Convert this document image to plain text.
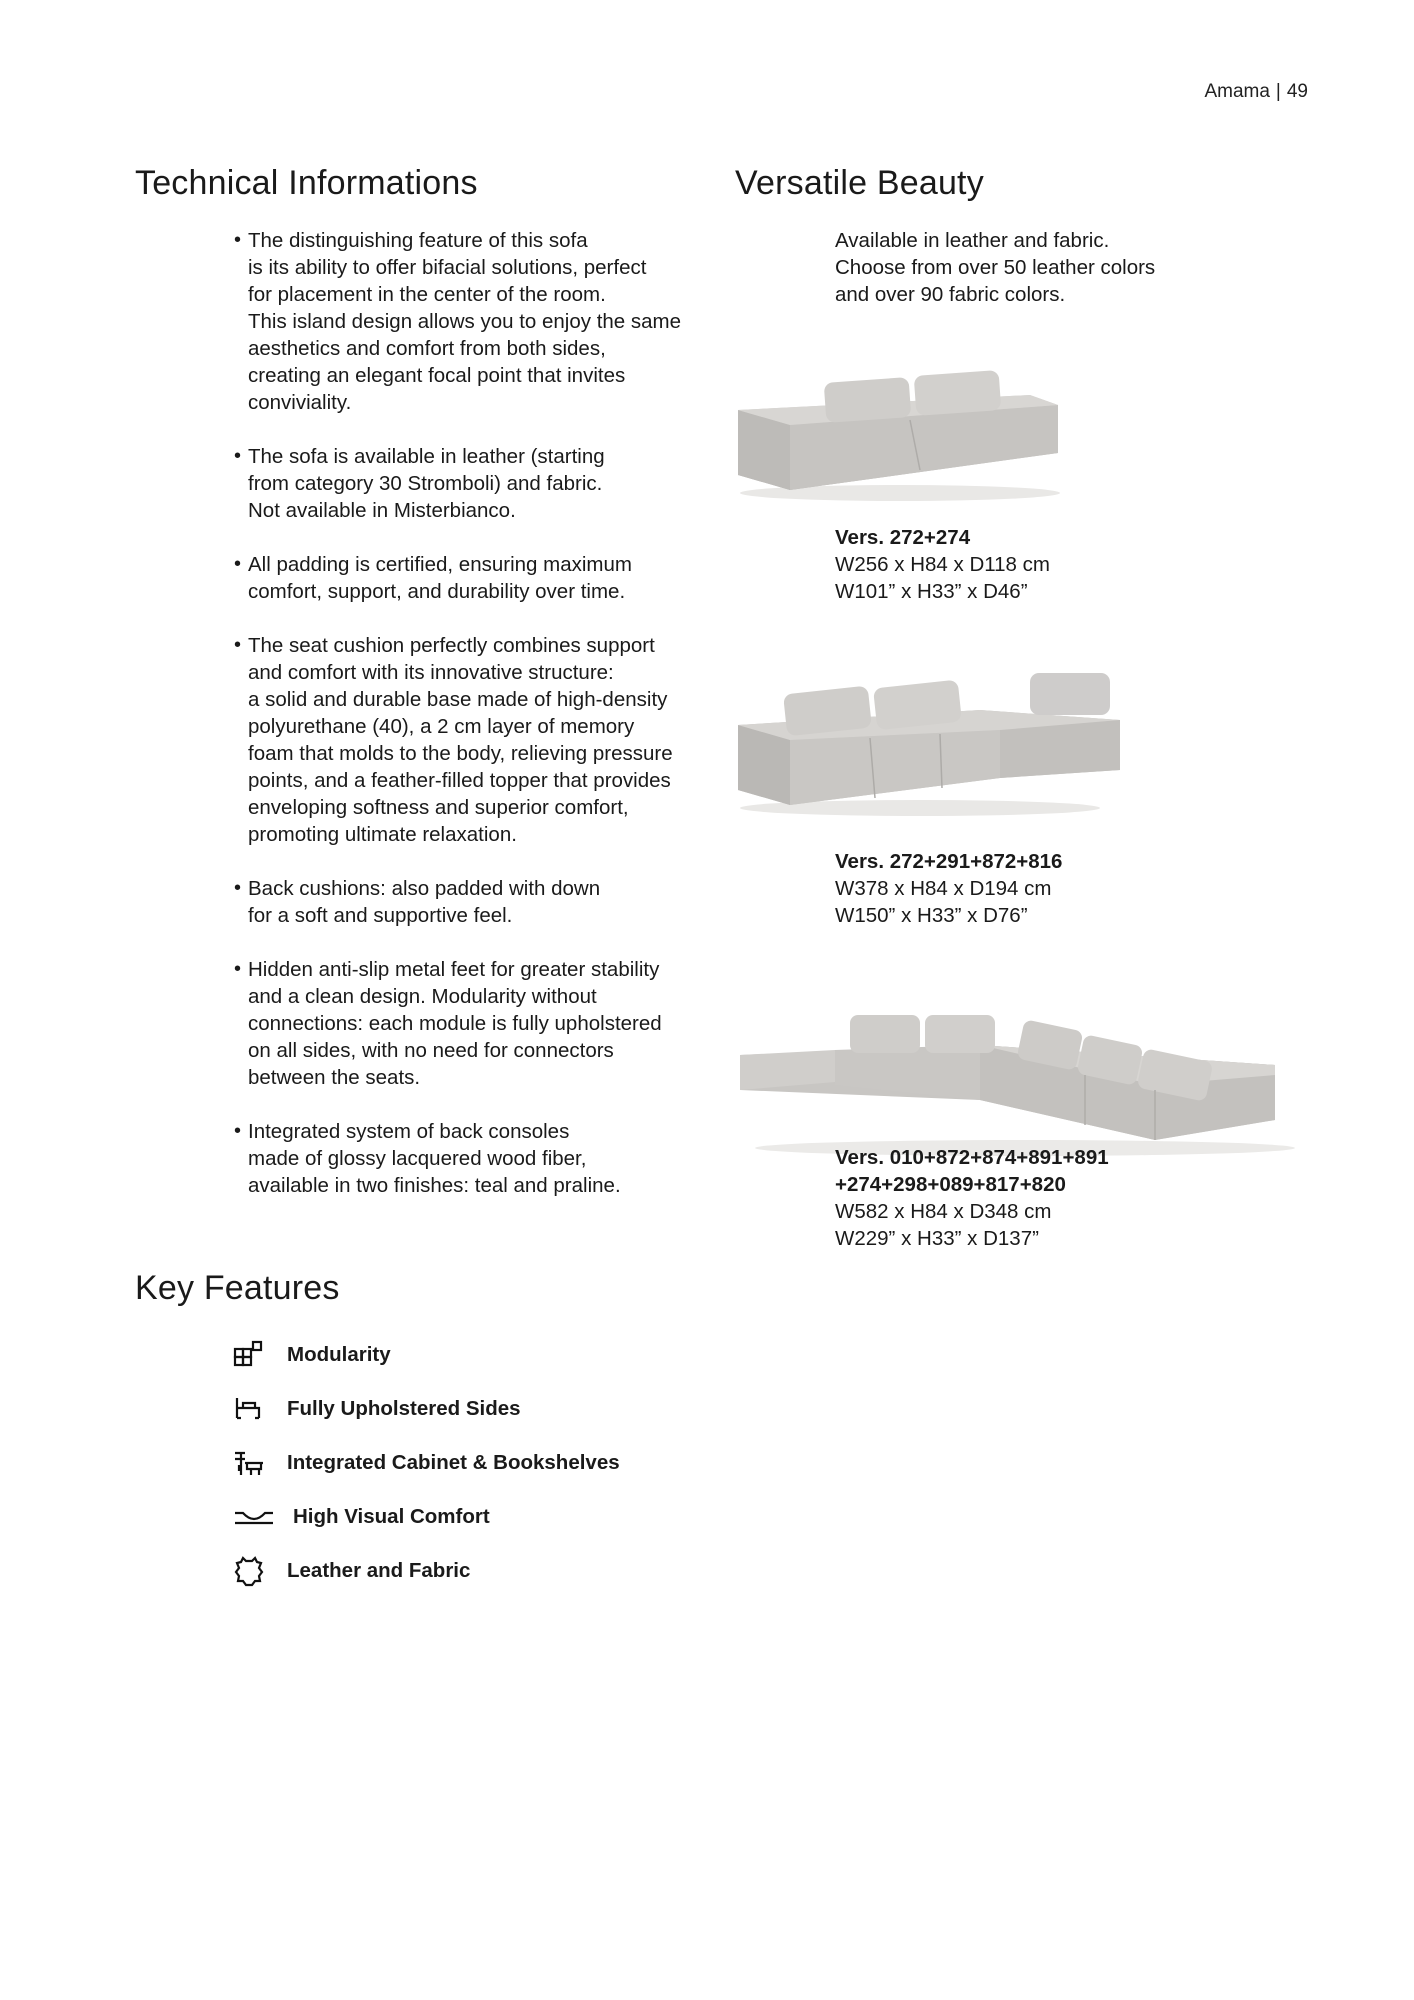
Amama | 49
Technical Informations

• The distinguishing feature of this sofa
is its ability to offer bifacial solutions, perfect
for placement in the center of the room.
This island design allows you to enjoy the same
aesthetics and comfort from both sides,
creating an elegant focal point that invites
conviviality.

• The sofa is available in leather (starting
from category 30 Stromboli) and fabric.
Not available in Misterbianco.

• All padding is certified, ensuring maximum
comfort, support, and durability over time.

• The seat cushion perfectly combines support
and comfort with its innovative structure:
a solid and durable base made of high-density
polyurethane (40), a 2 cm layer of memory
foam that molds to the body, relieving pressure
points, and a feather-filled topper that provides
enveloping softness and superior comfort,
promoting ultimate relaxation.

• Back cushions: also padded with down
for a soft and supportive feel.

• Hidden anti-slip metal feet for greater stability
and a clean design. Modularity without
connections: each module is fully upholstered
on all sides, with no need for connectors
between the seats.

• Integrated system of back consoles
made of glossy lacquered wood fiber,
available in two finishes: teal and praline.

Versatile Beauty

Available in leather and fabric.
Choose from over 50 leather colors
and over 90 fabric colors.

Vers. 272+274
W256 x H84 x D118 cm
W101” x H33” x D46”
Vers. 272+291+872+816
W378 x H84 x D194 cm
W150” x H33” x D76”
Vers. 010+872+874+891+891
+274+298+089+817+820
W582 x H84 x D348 cm
W229” x H33” x D137”
Key Features
Modularity
Fully Upholstered Sides
Integrated Cabinet & Bookshelves
High Visual Comfort
Leather and Fabric
